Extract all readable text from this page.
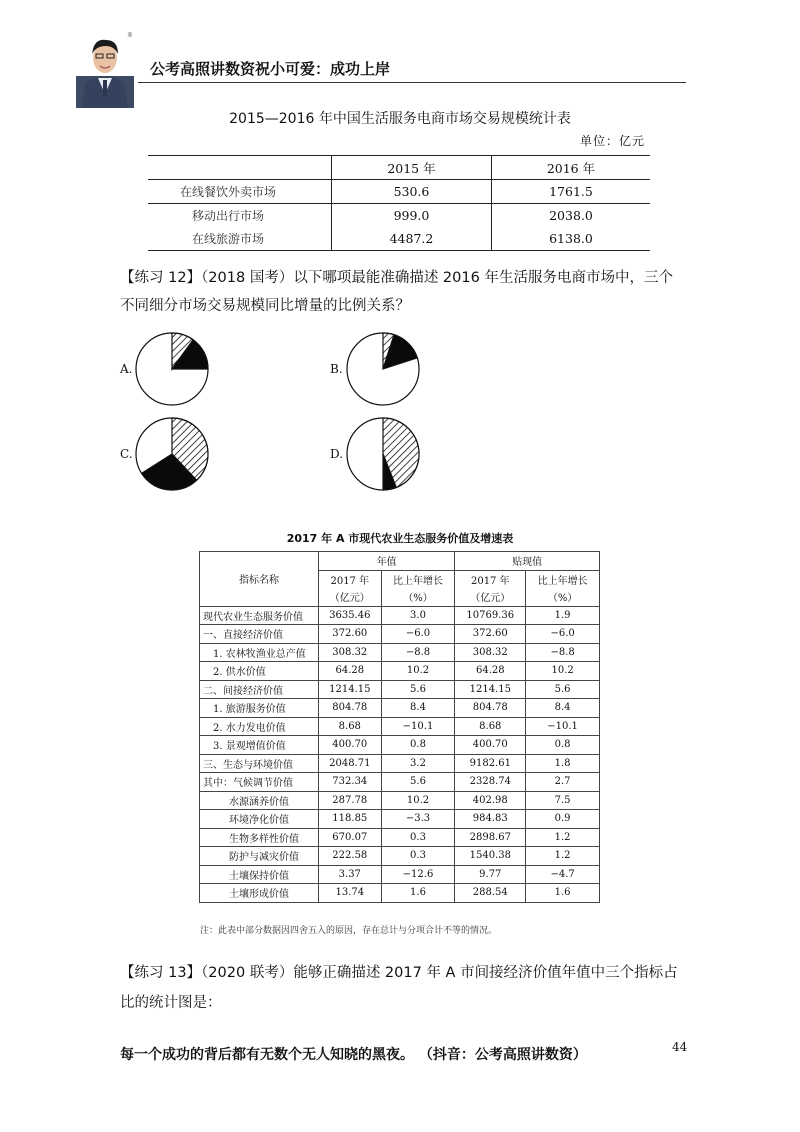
®
公考高照讲数资祝小可爱：成功上岸
2015—2016 年中国生活服务电商市场交易规模统计表
单位：亿元
	2015 年	2016 年
在线餐饮外卖市场	530.6	1761.5
移动出行市场	999.0	2038.0
在线旅游市场	4487.2	6138.0
【练习 12】（2018 国考）以下哪项最能准确描述 2016 年生活服务电商市场中，三个不同细分市场交易规模同比增量的比例关系？
A.	B.
C.	D.
2017 年 A 市现代农业生态服务价值及增速表
指标名称	年值		贴现值	
	2017 年	比上年增长	2017 年	比上年增长
	（亿元）	（%）	（亿元）	（%）
现代农业生态服务价值	3635.46	3.0	10769.36	1.9
一、直接经济价值	372.60	−6.0	372.60	−6.0
1. 农林牧渔业总产值	308.32	−8.8	308.32	−8.8
2. 供水价值	64.28	10.2	64.28	10.2
二、间接经济价值	1214.15	5.6	1214.15	5.6
1. 旅游服务价值	804.78	8.4	804.78	8.4
2. 水力发电价值	8.68	−10.1	8.68	−10.1
3. 景观增值价值	400.70	0.8	400.70	0.8
三、生态与环境价值	2048.71	3.2	9182.61	1.8
其中：气候调节价值	732.34	5.6	2328.74	2.7
水源涵养价值	287.78	10.2	402.98	7.5
环境净化价值	118.85	−3.3	984.83	0.9
生物多样性价值	670.07	0.3	2898.67	1.2
防护与减灾价值	222.58	0.3	1540.38	1.2
土壤保持价值	3.37	−12.6	9.77	−4.7
土壤形成价值	13.74	1.6	288.54	1.6
注：此表中部分数据因四舍五入的原因，存在总计与分项合计不等的情况。
【练习 13】（2020 联考）能够正确描述 2017 年 A 市间接经济价值年值中三个指标占比的统计图是：
每一个成功的背后都有无数个无人知晓的黑夜。 （抖音：公考高照讲数资）	44
